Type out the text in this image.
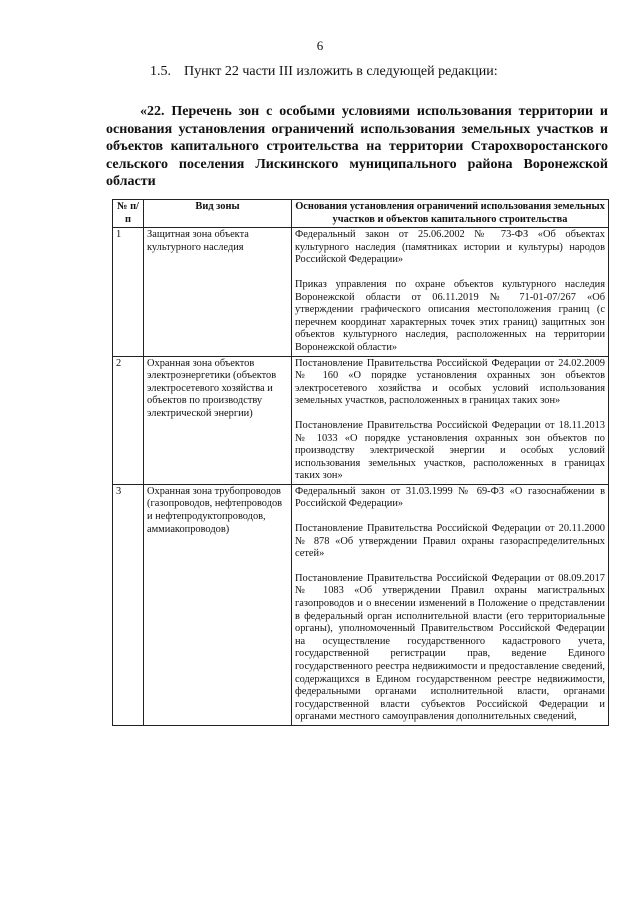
6
1.5. Пункт 22 части III изложить в следующей редакции:
«22. Перечень зон с особыми условиями использования территории и основания установления ограничений использования земельных участков и объектов капитального строительства на территории Старохворостанского сельского поселения Лискинского муниципального района Воронежской области
№ п/п	Вид зоны	Основания установления ограничений использования земельных участков и объектов капитального строительства
1	Защитная зона объекта культурного наследия	Федеральный закон от 25.06.2002 № 73-ФЗ «Об объектах культурного наследия (памятниках истории и культуры) народов Российской Федерации»

Приказ управления по охране объектов культурного наследия Воронежской области от 06.11.2019 № 71-01-07/267 «Об утверждении графического описания местоположения границ (с перечнем координат характерных точек этих границ) защитных зон объектов культурного наследия, расположенных на территории Воронежской области»

2	Охранная зона объектов электроэнергетики (объектов электросетевого хозяйства и объектов по производству электрической энергии)	Постановление Правительства Российской Федерации от 24.02.2009 № 160 «О порядке установления охранных зон объектов электросетевого хозяйства и особых условий использования земельных участков, расположенных в границах таких зон»

Постановление Правительства Российской Федерации от 18.11.2013 № 1033 «О порядке установления охранных зон объектов по производству электрической энергии и особых условий использования земельных участков, расположенных в границах таких зон»

3	Охранная зона трубопроводов (газопроводов, нефтепроводов и нефтепродуктопроводов, аммиакопроводов)	Федеральный закон от 31.03.1999 № 69-ФЗ «О газоснабжении в Российской Федерации»

Постановление Правительства Российской Федерации от 20.11.2000 № 878 «Об утверждении Правил охраны газораспределительных сетей»

Постановление Правительства Российской Федерации от 08.09.2017 № 1083 «Об утверждении Правил охраны магистральных газопроводов и о внесении изменений в Положение о представлении в федеральный орган исполнительной власти (его территориальные органы), уполномоченный Правительством Российской Федерации на осуществление государственного кадастрового учета, государственной регистрации прав, ведение Единого государственного реестра недвижимости и предоставление сведений, содержащихся в Едином государственном реестре недвижимости, федеральными органами исполнительной власти, органами государственной власти субъектов Российской Федерации и органами местного самоуправления дополнительных сведений,
